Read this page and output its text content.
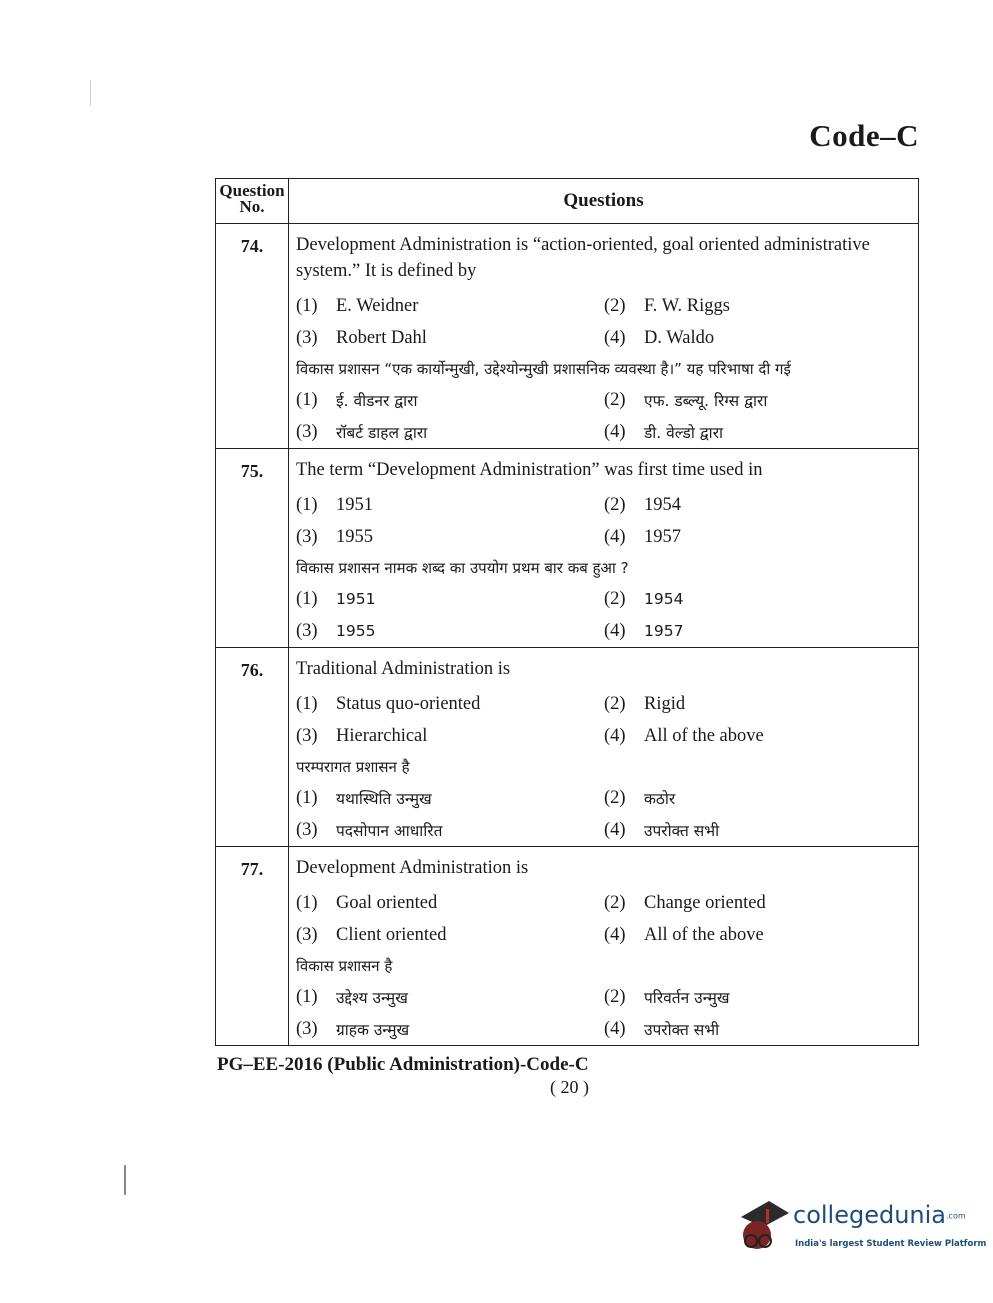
Code–C
Question No.	Questions
74.	Development Administration is “action-oriented, goal oriented administrative system.” It is defined by
(1) E. Weidner	(2) F. W. Riggs
(3) Robert Dahl	(4) D. Waldo
विकास प्रशासन “एक कार्योन्मुखी, उद्देश्योन्मुखी प्रशासनिक व्यवस्था है।” यह परिभाषा दी गई
(1)	ई. वीडनर द्वारा	(2)	एफ. डब्ल्यू. रिग्स द्वारा
(3)	रॉबर्ट डाहल द्वारा	(4)	डी. वेल्डो द्वारा
75.	The term “Development Administration” was first time used in
(1) 1951	(2) 1954
(3) 1955	(4) 1957
विकास प्रशासन नामक शब्द का उपयोग प्रथम बार कब हुआ ?
(1)	1951	(2)	1954
(3)	1955	(4)	1957
76.	Traditional Administration is
(1) Status quo-oriented	(2) Rigid
(3) Hierarchical	(4) All of the above
परम्परागत प्रशासन है
(1)	यथास्थिति उन्मुख	(2)	कठोर
(3)	पदसोपान आधारित	(4)	उपरोक्त सभी
77.	Development Administration is
(1) Goal oriented	(2) Change oriented
(3) Client oriented	(4) All of the above
विकास प्रशासन है
(1)	उद्देश्य उन्मुख	(2)	परिवर्तन उन्मुख
(3)	ग्राहक उन्मुख	(4)	उपरोक्त सभी
PG–EE-2016 (Public Administration)-Code-C
( 20 )
collegedunia.com
India's largest Student Review Platform
